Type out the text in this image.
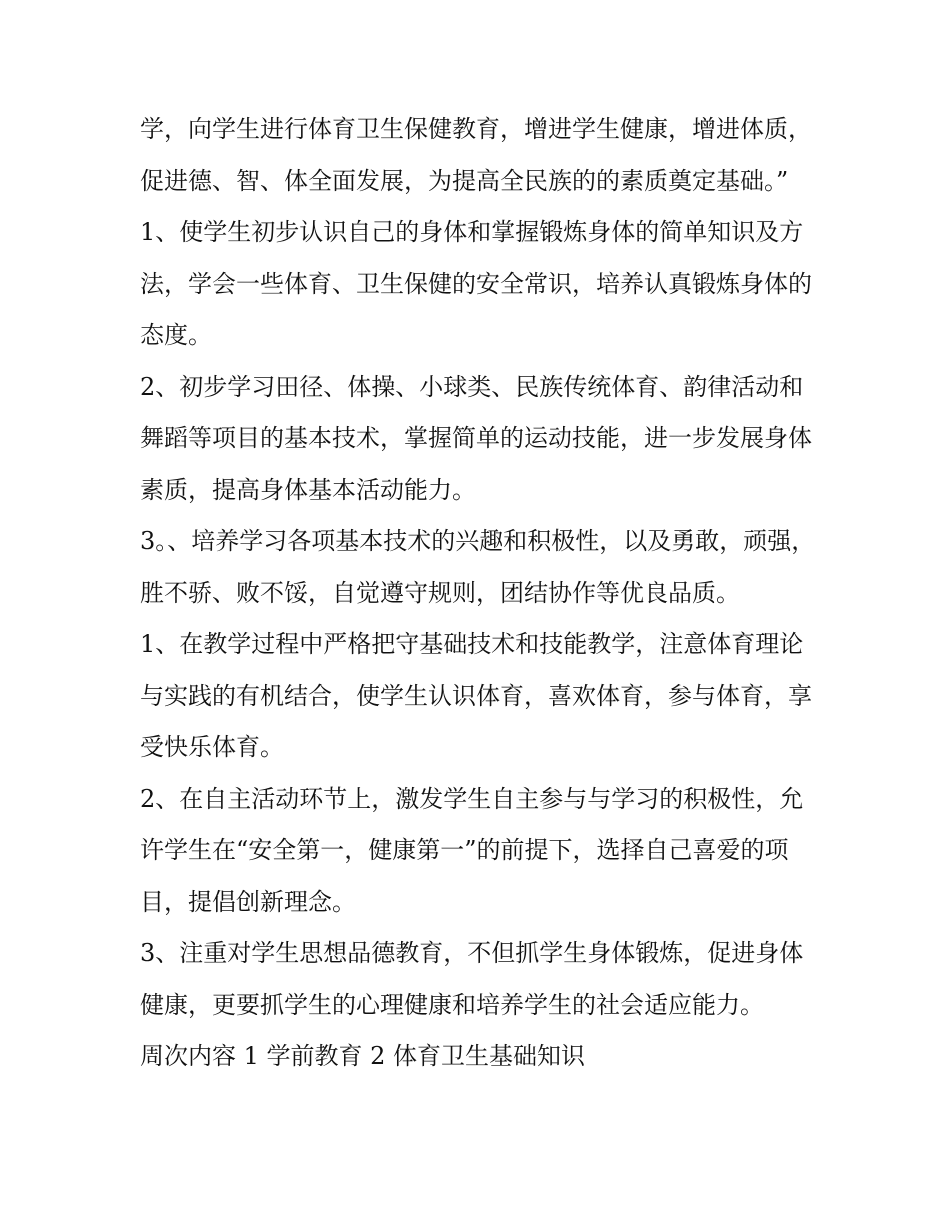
学，向学生进行体育卫生保健教育，增进学生健康，增进体质，促进德、智、体全面发展，为提高全民族的的素质奠定基础。”

1、使学生初步认识自己的身体和掌握锻炼身体的简单知识及方法，学会一些体育、卫生保健的安全常识，培养认真锻炼身体的态度。

2、初步学习田径、体操、小球类、民族传统体育、韵律活动和舞蹈等项目的基本技术，掌握简单的运动技能，进一步发展身体素质，提高身体基本活动能力。

3。、培养学习各项基本技术的兴趣和积极性，以及勇敢，顽强，胜不骄、败不馁，自觉遵守规则，团结协作等优良品质。

1、在教学过程中严格把守基础技术和技能教学，注意体育理论与实践的有机结合，使学生认识体育，喜欢体育，参与体育，享受快乐体育。

2、在自主活动环节上，激发学生自主参与与学习的积极性，允许学生在“安全第一，健康第一”的前提下，选择自己喜爱的项目，提倡创新理念。

3、注重对学生思想品德教育，不但抓学生身体锻炼，促进身体健康，更要抓学生的心理健康和培养学生的社会适应能力。

周次内容 1 学前教育 2 体育卫生基础知识
